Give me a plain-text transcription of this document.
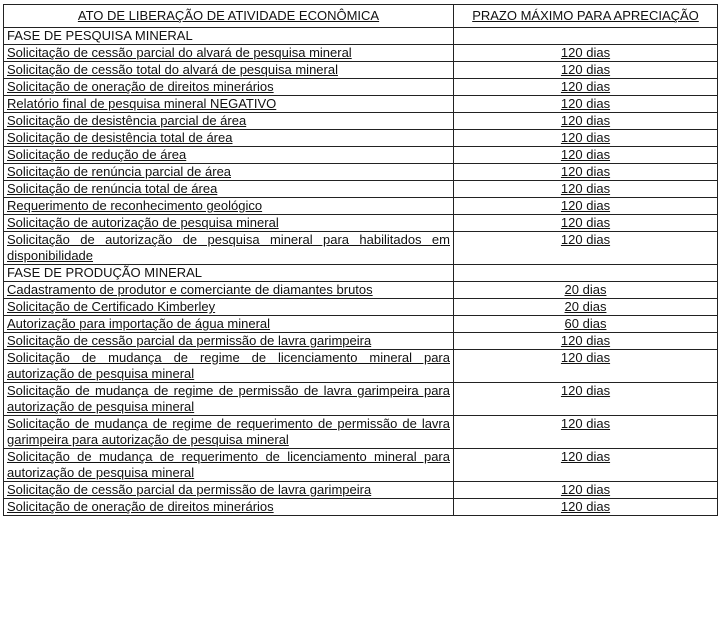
ATO DE LIBERAÇÃO DE ATIVIDADE ECONÔMICA	PRAZO MÁXIMO PARA APRECIAÇÃO
FASE DE PESQUISA MINERAL	
Solicitação de cessão parcial do alvará de pesquisa mineral	120 dias
Solicitação de cessão total do alvará de pesquisa mineral	120 dias
Solicitação de oneração de direitos minerários	120 dias
Relatório final de pesquisa mineral NEGATIVO	120 dias
Solicitação de desistência parcial de área	120 dias
Solicitação de desistência total de área	120 dias
Solicitação de redução de área	120 dias
Solicitação de renúncia parcial de área	120 dias
Solicitação de renúncia total de área	120 dias
Requerimento de reconhecimento geológico	120 dias
Solicitação de autorização de pesquisa mineral	120 dias
Solicitação de autorização de pesquisa mineral para habilitados em disponibilidade	120 dias
FASE DE PRODUÇÃO MINERAL	
Cadastramento de produtor e comerciante de diamantes brutos	20 dias
Solicitação de Certificado Kimberley	20 dias
Autorização para importação de água mineral	60 dias
Solicitação de cessão parcial da permissão de lavra garimpeira	120 dias
Solicitação de mudança de regime de licenciamento mineral para autorização de pesquisa mineral	120 dias
Solicitação de mudança de regime de permissão de lavra garimpeira para autorização de pesquisa mineral	120 dias
Solicitação de mudança de regime de requerimento de permissão de lavra garimpeira para autorização de pesquisa mineral	120 dias
Solicitação de mudança de requerimento de licenciamento mineral para autorização de pesquisa mineral	120 dias
Solicitação de cessão parcial da permissão de lavra garimpeira	120 dias
Solicitação de oneração de direitos minerários	120 dias
